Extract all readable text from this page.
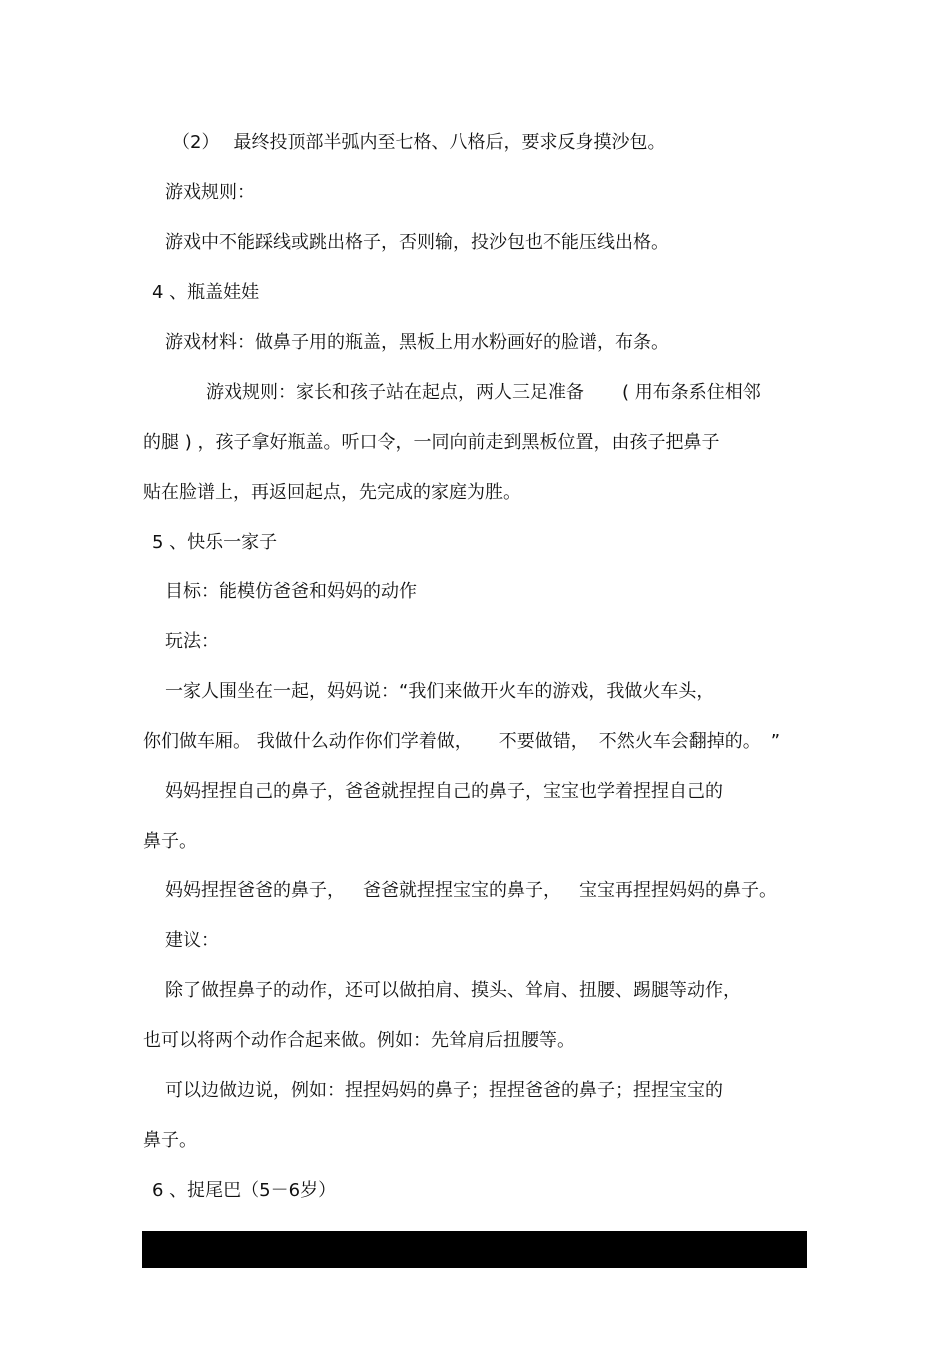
（2） 最终投顶部半弧内至七格、八格后，要求反身摸沙包。
游戏规则：
游戏中不能踩线或跳出格子，否则输，投沙包也不能压线出格。
4 、瓶盖娃娃
游戏材料：做鼻子用的瓶盖，黑板上用水粉画好的脸谱，布条。
游戏规则：家长和孩子站在起点，两人三足准备 ( 用布条系住相邻
的腿 ) ，孩子拿好瓶盖。听口令，一同向前走到黑板位置，由孩子把鼻子
贴在脸谱上，再返回起点，先完成的家庭为胜。
5 、快乐一家子
目标：能模仿爸爸和妈妈的动作
玩法：
一家人围坐在一起，妈妈说：“我们来做开火车的游戏，我做火车头，
你们做车厢。 我做什么动作你们学着做， 不要做错， 不然火车会翻掉的。 ”
妈妈捏捏自己的鼻子，爸爸就捏捏自己的鼻子，宝宝也学着捏捏自己的
鼻子。
妈妈捏捏爸爸的鼻子， 爸爸就捏捏宝宝的鼻子， 宝宝再捏捏妈妈的鼻子。
建议：
除了做捏鼻子的动作，还可以做拍肩、摸头、耸肩、扭腰、踢腿等动作，
也可以将两个动作合起来做。例如：先耸肩后扭腰等。
可以边做边说，例如：捏捏妈妈的鼻子；捏捏爸爸的鼻子；捏捏宝宝的
鼻子。
6 、捉尾巴（5－6岁）
